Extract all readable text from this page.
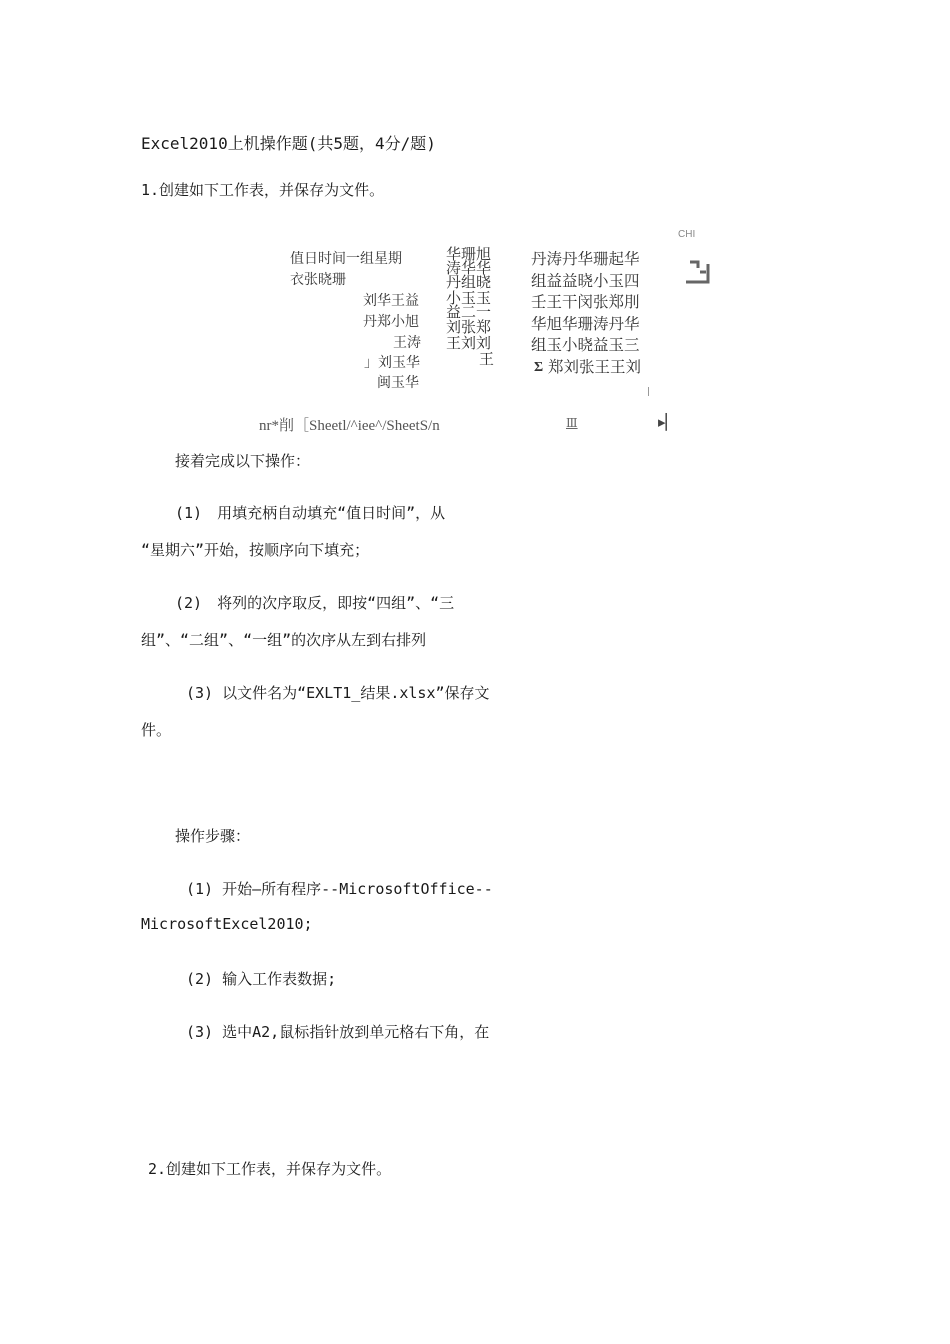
Excel2010上机操作题(共5题，4分/题)
1.创建如下工作表，并保存为文件。
CHI
值日时间一组星期
衣张晓珊
刘华王益
丹郑小旭
王涛
」刘玉华
闽玉华
华珊旭
涛华华
丹组晓
小玉玉
益二一
刘张郑
王刘刘
王
丹涛丹华珊起华
组益益晓小玉四
壬王干闵张郑刖
华旭华珊涛丹华
组玉小晓益玉三
Σ 郑刘张王王刘
nr*削［Sheetl/^iee^/SheetS/n	Ⅲ	▸▏
接着完成以下操作：
(1)　用填充柄自动填充“值日时间”，从
“星期六”开始，按顺序向下填充；
(2)　将列的次序取反，即按“四组”、“三
组”、“二组”、“一组”的次序从左到右排列
(3) 以文件名为“EXLT1_结果.xlsx”保存文
件。
操作步骤：
(1) 开始—所有程序--MicrosoftOffice--
MicrosoftExcel2010;
(2) 输入工作表数据;
(3) 选中A2,鼠标指针放到单元格右下角，在
2.创建如下工作表，并保存为文件。
